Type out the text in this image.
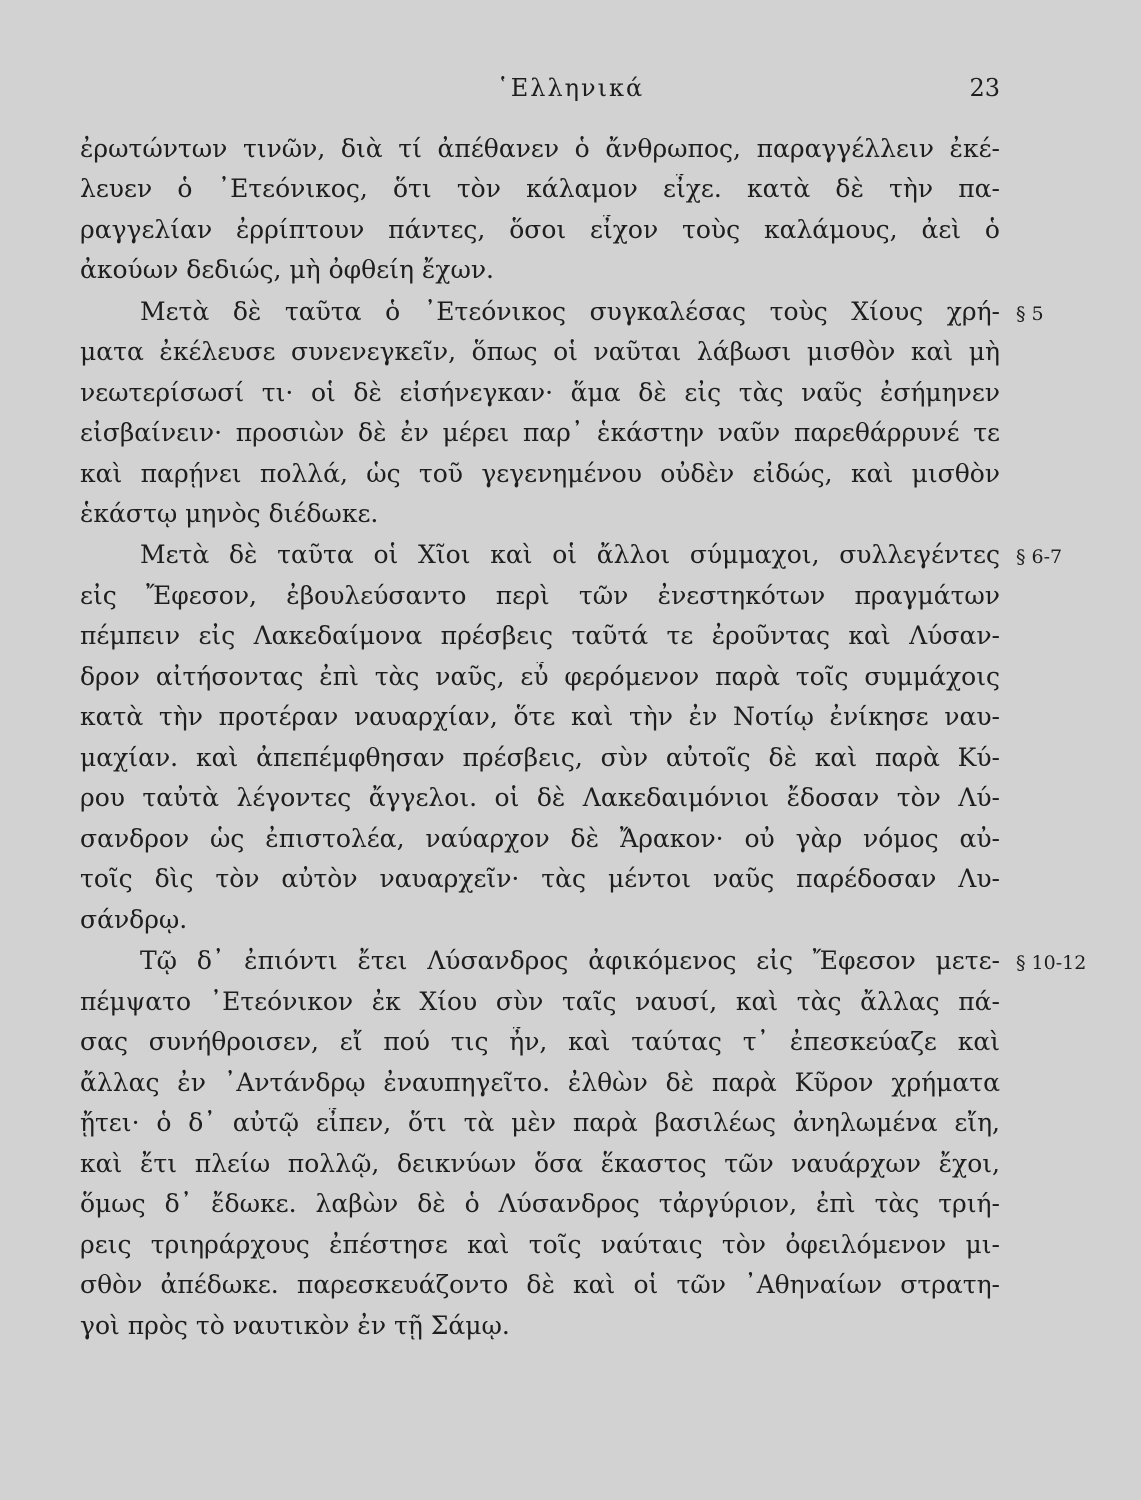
῾Ελληνικά	23
ἐρωτώντων τινῶν, διὰ τί ἀπέθανεν ὁ ἄνθρωπος, παραγγέλλειν ἐκέ-
λευεν ὁ ᾿Ετεόνικος, ὅτι τὸν κάλαμον εἶχε. κατὰ δὲ τὴν πα-
ραγγελίαν ἐρρίπτουν πάντες, ὅσοι εἶχον τοὺς καλάμους, ἀεὶ ὁ
ἀκούων δεδιώς, μὴ ὀφθείη ἔχων.
Μετὰ δὲ ταῦτα ὁ ᾿Ετεόνικος συγκαλέσας τοὺς Χίους χρή-
ματα ἐκέλευσε συνενεγκεῖν, ὅπως οἱ ναῦται λάβωσι μισθὸν καὶ μὴ
νεωτερίσωσί τι· οἱ δὲ εἰσήνεγκαν· ἅμα δὲ εἰς τὰς ναῦς ἐσήμηνεν
εἰσβαίνειν· προσιὼν δὲ ἐν μέρει παρ᾿ ἑκάστην ναῦν παρεθάρρυνέ τε
καὶ παρῄνει πολλά, ὡς τοῦ γεγενημένου οὐδὲν εἰδώς, καὶ μισθὸν
ἑκάστῳ μηνὸς διέδωκε.
Μετὰ δὲ ταῦτα οἱ Χῖοι καὶ οἱ ἄλλοι σύμμαχοι, συλλεγέντες
εἰς Ἔφεσον, ἐβουλεύσαντο περὶ τῶν ἐνεστηκότων πραγμάτων
πέμπειν εἰς Λακεδαίμονα πρέσβεις ταῦτά τε ἐροῦντας καὶ Λύσαν-
δρον αἰτήσοντας ἐπὶ τὰς ναῦς, εὖ φερόμενον παρὰ τοῖς συμμάχοις
κατὰ τὴν προτέραν ναυαρχίαν, ὅτε καὶ τὴν ἐν Νοτίῳ ἐνίκησε ναυ-
μαχίαν. καὶ ἀπεπέμφθησαν πρέσβεις, σὺν αὐτοῖς δὲ καὶ παρὰ Κύ-
ρου ταὐτὰ λέγοντες ἄγγελοι. οἱ δὲ Λακεδαιμόνιοι ἔδοσαν τὸν Λύ-
σανδρον ὡς ἐπιστολέα, ναύαρχον δὲ Ἄρακον· οὐ γὰρ νόμος αὐ-
τοῖς δὶς τὸν αὐτὸν ναυαρχεῖν· τὰς μέντοι ναῦς παρέδοσαν Λυ-
σάνδρῳ.
Τῷ δ᾿ ἐπιόντι ἔτει Λύσανδρος ἀφικόμενος εἰς Ἔφεσον μετε-
πέμψατο ᾿Ετεόνικον ἐκ Χίου σὺν ταῖς ναυσί, καὶ τὰς ἄλλας πά-
σας συνήθροισεν, εἴ πού τις ἦν, καὶ ταύτας τ᾿ ἐπεσκεύαζε καὶ
ἄλλας ἐν ᾿Αντάνδρῳ ἐναυπηγεῖτο. ἐλθὼν δὲ παρὰ Κῦρον χρήματα
ᾔτει· ὁ δ᾿ αὐτῷ εἶπεν, ὅτι τὰ μὲν παρὰ βασιλέως ἀνηλωμένα εἴη,
καὶ ἔτι πλείω πολλῷ, δεικνύων ὅσα ἕκαστος τῶν ναυάρχων ἔχοι,
ὅμως δ᾿ ἔδωκε. λαβὼν δὲ ὁ Λύσανδρος τἀργύριον, ἐπὶ τὰς τριή-
ρεις τριηράρχους ἐπέστησε καὶ τοῖς ναύταις τὸν ὀφειλόμενον μι-
σθὸν ἀπέδωκε. παρεσκευάζοντο δὲ καὶ οἱ τῶν ᾿Αθηναίων στρατη-
γοὶ πρὸς τὸ ναυτικὸν ἐν τῇ Σάμῳ.
§ 5
§ 6-7
§ 10-12
